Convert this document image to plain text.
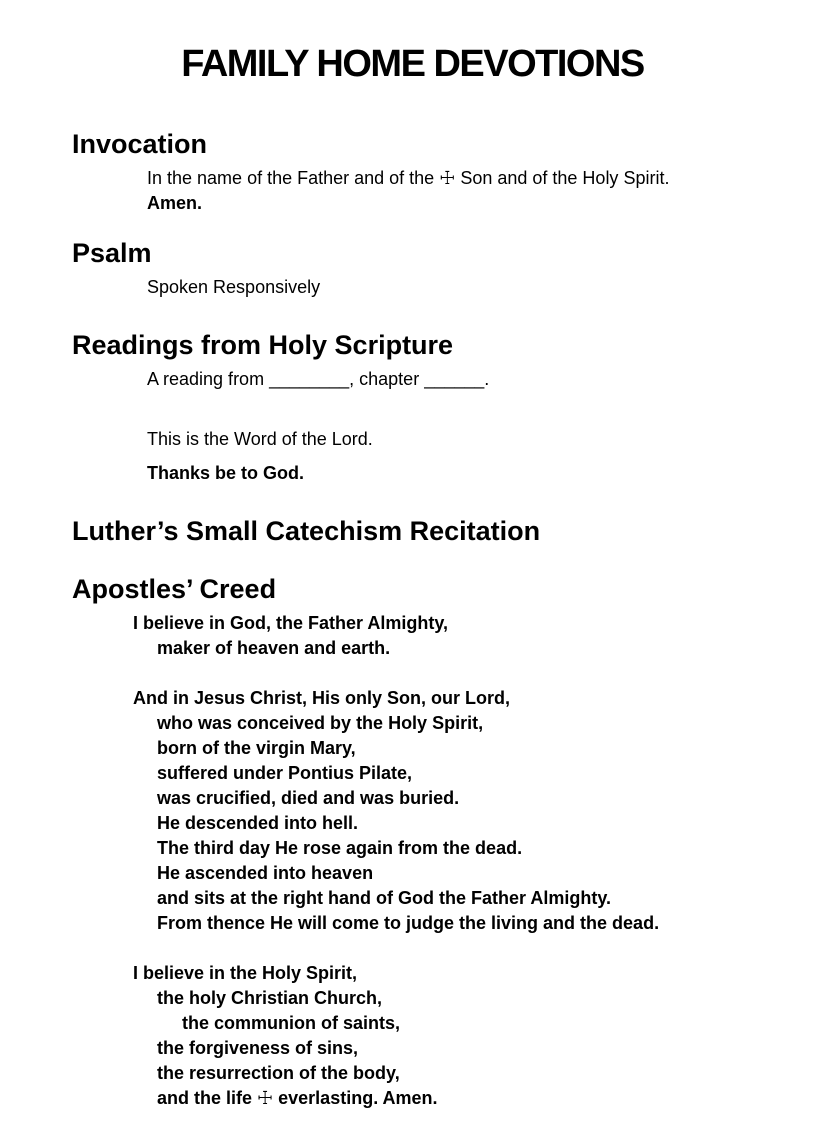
FAMILY HOME DEVOTIONS
Invocation
In the name of the Father and of the ☩ Son and of the Holy Spirit.
Amen.
Psalm
Spoken Responsively
Readings from Holy Scripture
A reading from ________, chapter ______.
This is the Word of the Lord.
Thanks be to God.
Luther’s Small Catechism Recitation
Apostles’ Creed
I believe in God, the Father Almighty,
maker of heaven and earth.
And in Jesus Christ, His only Son, our Lord,
who was conceived by the Holy Spirit,
born of the virgin Mary,
suffered under Pontius Pilate,
was crucified, died and was buried.
He descended into hell.
The third day He rose again from the dead.
He ascended into heaven
and sits at the right hand of God the Father Almighty.
From thence He will come to judge the living and the dead.
I believe in the Holy Spirit,
the holy Christian Church,
the communion of saints,
the forgiveness of sins,
the resurrection of the body,
and the life ☩ everlasting. Amen.
